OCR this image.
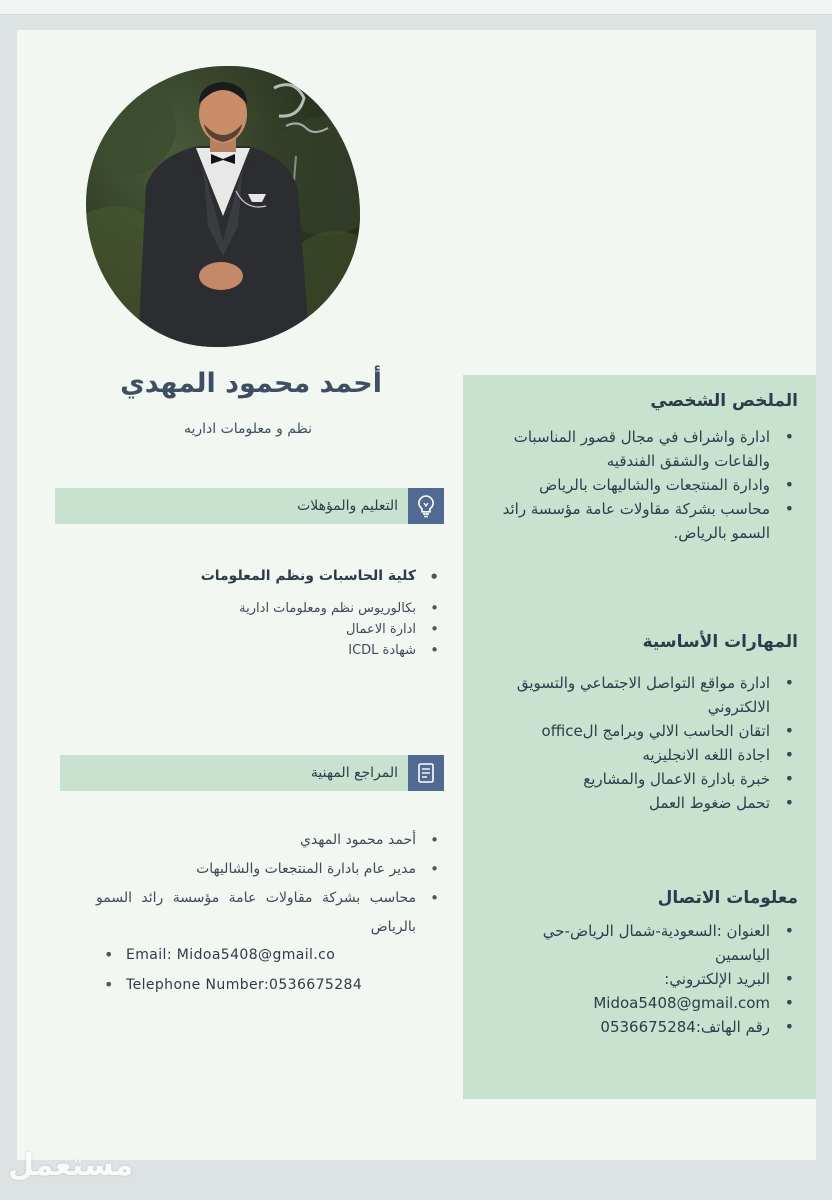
أحمد محمود المهدي
نظم و معلومات اداريه
التعليم والمؤهلات
• كلية الحاسبات ونظم المعلومات
• بكالوريوس نظم ومعلومات ادارية
• ادارة الاعمال
• شهادة ICDL
المراجع المهنية
• أحمد محمود المهدي
• مدير عام بادارة المنتجعات والشاليهات
• محاسب بشركة مقاولات عامة مؤسسة رائد السمو بالرياض
• Email: Midoa5408@gmail.co
• Telephone Number:0536675284
الملخص الشخصي
• ادارة واشراف في مجال قصور المناسبات والقاعات والشقق الفندقيه
• وادارة المنتجعات والشاليهات بالرياض
• محاسب بشركة مقاولات عامة مؤسسة رائد السمو بالرياض.
المهارات الأساسية
• ادارة مواقع التواصل الاجتماعي والتسويق الالكتروني
• اتقان الحاسب الالي وبرامج الoffice
• اجادة اللغه الانجليزيه
• خبرة بادارة الاعمال والمشاريع
• تحمل ضغوط العمل
معلومات الاتصال
• العنوان :السعودية-شمال الرياض-حي الياسمين
• البريد الإلكتروني:
• Midoa5408@gmail.com
• رقم الهاتف:0536675284
مستعمل
